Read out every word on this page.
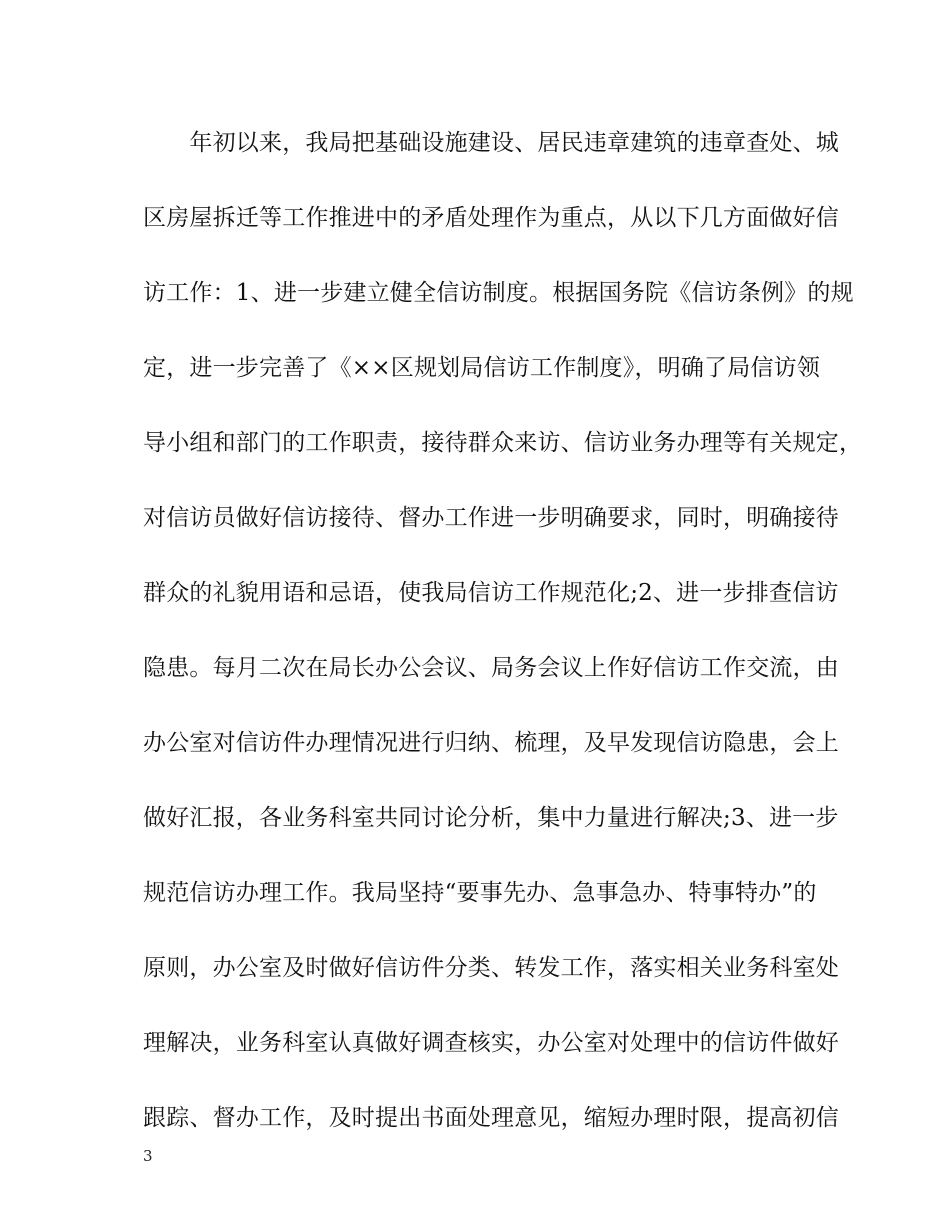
　　年初以来，我局把基础设施建设、居民违章建筑的违章查处、城
区房屋拆迁等工作推进中的矛盾处理作为重点，从以下几方面做好信
访工作：1、进一步建立健全信访制度。根据国务院《信访条例》的规
定，进一步完善了《××区规划局信访工作制度》，明确了局信访领
导小组和部门的工作职责，接待群众来访、信访业务办理等有关规定，
对信访员做好信访接待、督办工作进一步明确要求，同时，明确接待
群众的礼貌用语和忌语，使我局信访工作规范化;2、进一步排查信访
隐患。每月二次在局长办公会议、局务会议上作好信访工作交流，由
办公室对信访件办理情况进行归纳、梳理，及早发现信访隐患，会上
做好汇报，各业务科室共同讨论分析，集中力量进行解决;3、进一步
规范信访办理工作。我局坚持“要事先办、急事急办、特事特办”的
原则，办公室及时做好信访件分类、转发工作，落实相关业务科室处
理解决，业务科室认真做好调查核实，办公室对处理中的信访件做好
跟踪、督办工作，及时提出书面处理意见，缩短办理时限，提高初信
3
